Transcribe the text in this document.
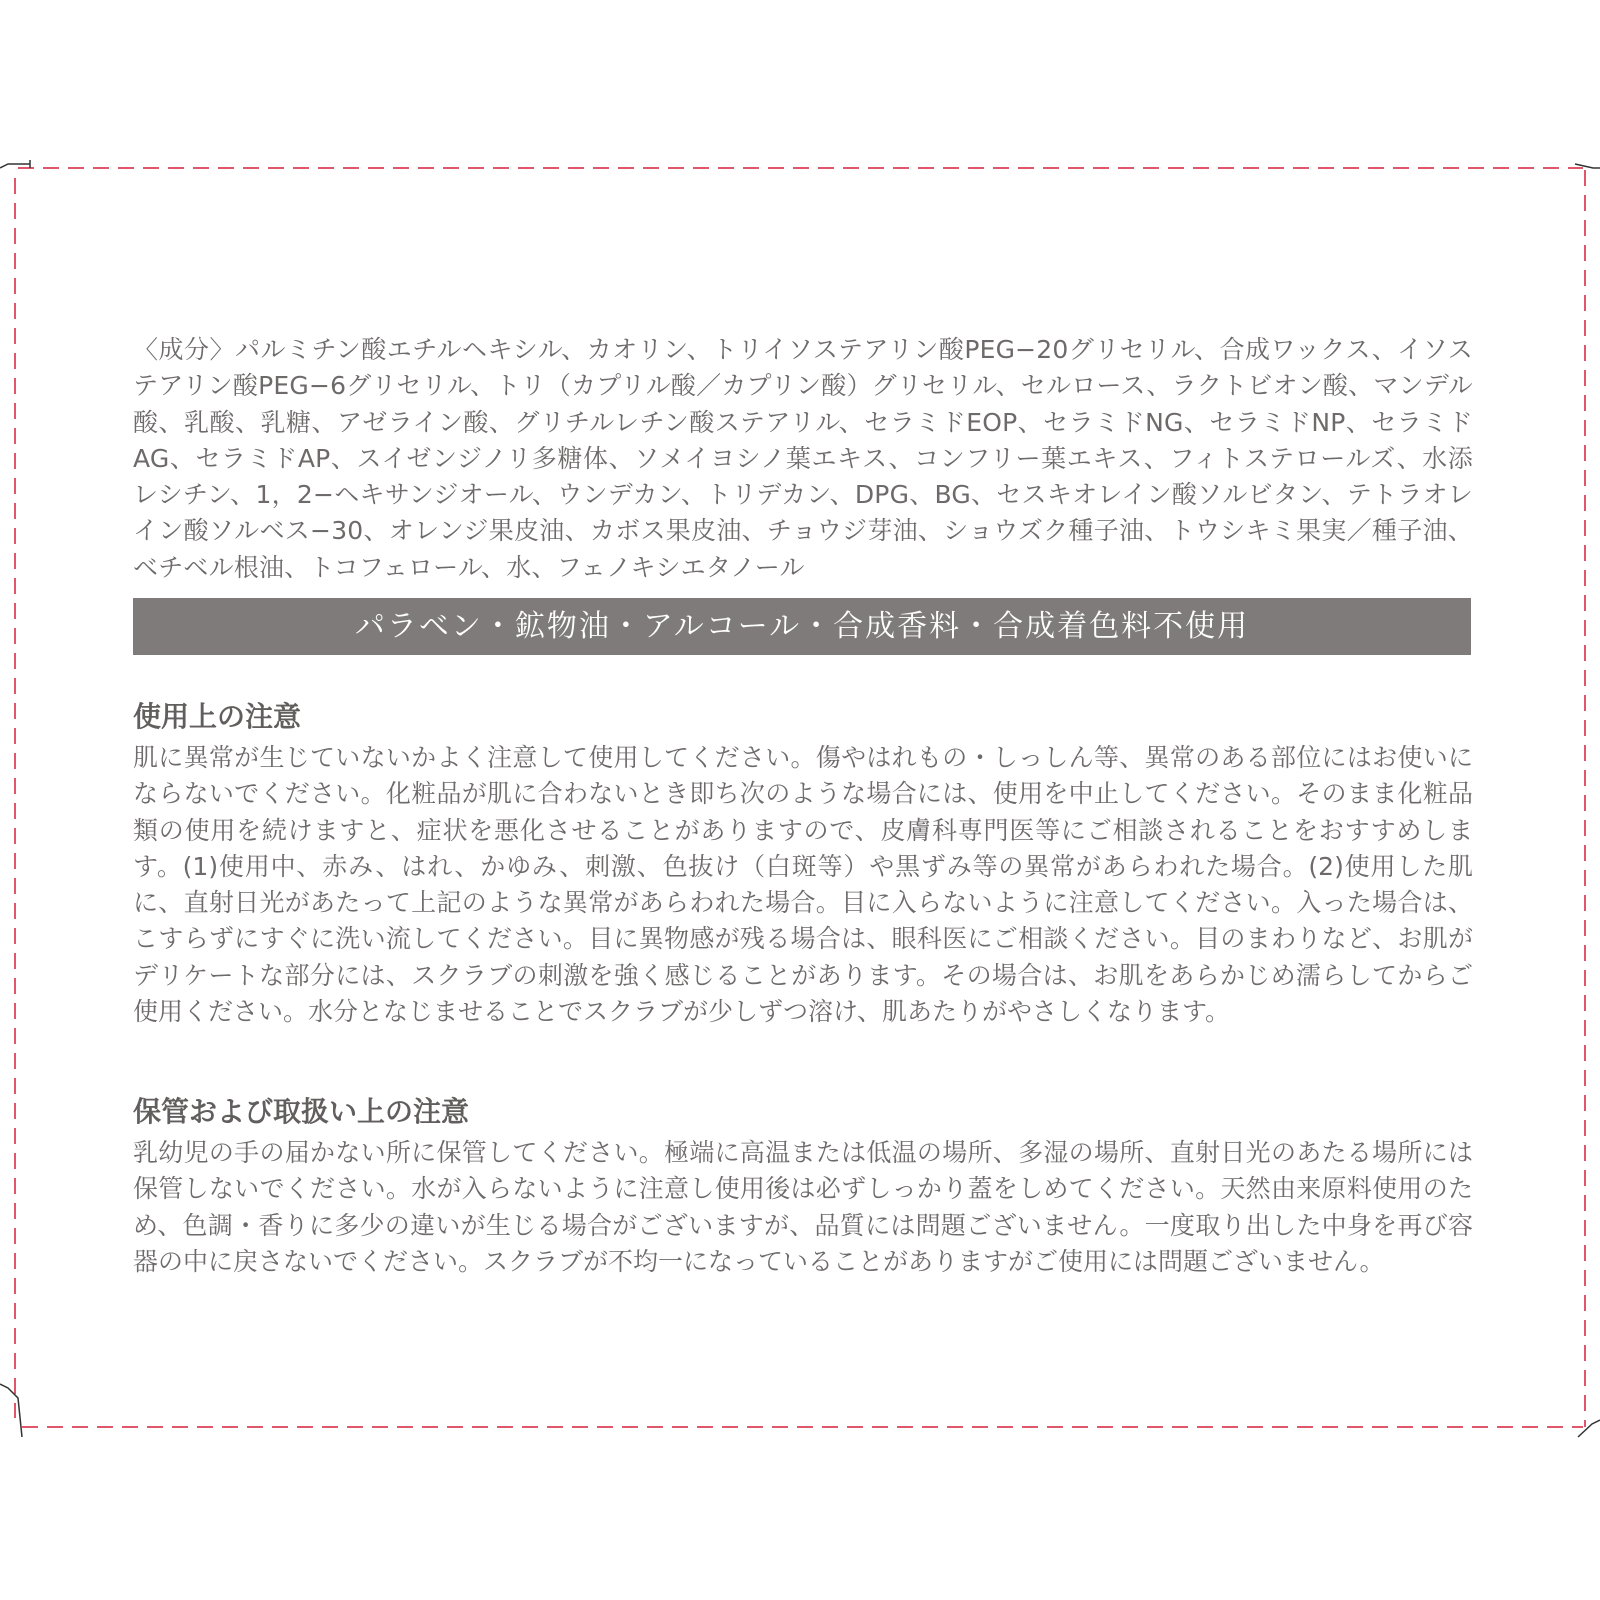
〈成分〉パルミチン酸エチルヘキシル、カオリン、トリイソステアリン酸PEG−20グリセリル、合成ワックス、イソステアリン酸PEG−6グリセリル、トリ（カプリル酸／カプリン酸）グリセリル、セルロース、ラクトビオン酸、マンデル酸、乳酸、乳糖、アゼライン酸、グリチルレチン酸ステアリル、セラミドEOP、セラミドNG、セラミドNP、セラミドAG、セラミドAP、スイゼンジノリ多糖体、ソメイヨシノ葉エキス、コンフリー葉エキス、フィトステロールズ、水添レシチン、1，2−ヘキサンジオール、ウンデカン、トリデカン、DPG、BG、セスキオレイン酸ソルビタン、テトラオレイン酸ソルベス−30、オレンジ果皮油、カボス果皮油、チョウジ芽油、ショウズク種子油、トウシキミ果実／種子油、ベチベル根油、トコフェロール、水、フェノキシエタノール

パラベン・鉱物油・アルコール・合成香料・合成着色料不使用
使用上の注意

肌に異常が生じていないかよく注意して使用してください。傷やはれもの・しっしん等、異常のある部位にはお使いにならないでください。化粧品が肌に合わないとき即ち次のような場合には、使用を中止してください。そのまま化粧品類の使用を続けますと、症状を悪化させることがありますので、皮膚科専門医等にご相談されることをおすすめします。(1)使用中、赤み、はれ、かゆみ、刺激、色抜け（白斑等）や黒ずみ等の異常があらわれた場合。(2)使用した肌に、直射日光があたって上記のような異常があらわれた場合。目に入らないように注意してください。入った場合は、こすらずにすぐに洗い流してください。目に異物感が残る場合は、眼科医にご相談ください。目のまわりなど、お肌がデリケートな部分には、スクラブの刺激を強く感じることがあります。その場合は、お肌をあらかじめ濡らしてからご使用ください。水分となじませることでスクラブが少しずつ溶け、肌あたりがやさしくなります。

保管および取扱い上の注意

乳幼児の手の届かない所に保管してください。極端に高温または低温の場所、多湿の場所、直射日光のあたる場所には保管しないでください。水が入らないように注意し使用後は必ずしっかり蓋をしめてください。天然由来原料使用のため、色調・香りに多少の違いが生じる場合がございますが、品質には問題ございません。一度取り出した中身を再び容器の中に戻さないでください。スクラブが不均一になっていることがありますがご使用には問題ございません。
